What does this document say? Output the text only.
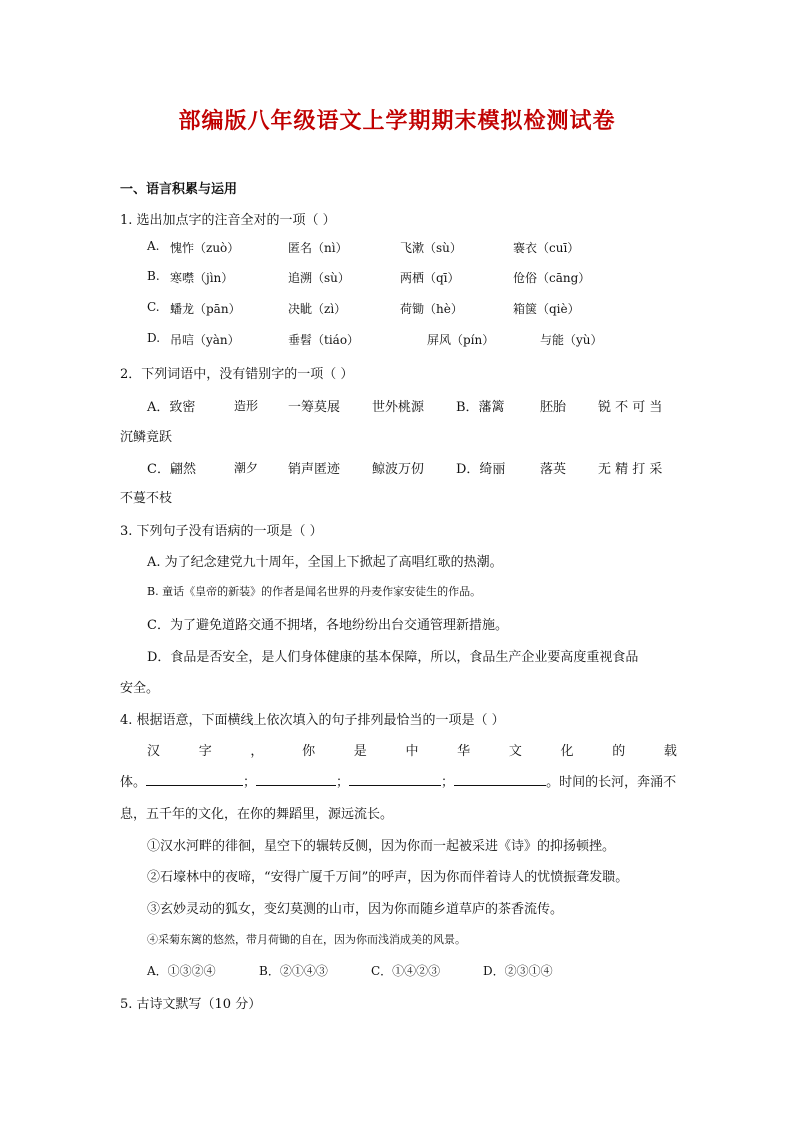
部编版八年级语文上学期期末模拟检测试卷
一、语言积累与运用
1. 选出加点字的注音全对的一项（ ）
A. 愧怍（zuò）	匿名（nì）	飞漱（sù）	褰衣（cuī）
B. 寒噤（jìn）	追溯（sù）	两栖（qī）	伧俗（cāng）
C. 蟠龙（pān）	决眦（zì）	荷锄（hè）	箱箧（qiè）
D. 吊唁（yàn）	垂髫（tiáo）	屏风（pín）	与能（yù）
2．下列词语中，没有错别字的一项（ ）
A．致密	造形 一筹莫展 世外桃源 B．藩篱	胚胎 锐 不 可 当
沉鳞竟跃
C．翩然	潮夕 销声匿迹 鲸波万仞 D．绮丽	落英 无 精 打 采
不蔓不枝
3. 下列句子没有语病的一项是（ ）
A. 为了纪念建党九十周年，全国上下掀起了高唱红歌的热潮。
B. 童话《皇帝的新装》的作者是闻名世界的丹麦作家安徒生的作品。
C．为了避免道路交通不拥堵，各地纷纷出台交通管理新措施。
D．食品是否安全，是人们身体健康的基本保障，所以，食品生产企业要高度重视食品
安全。
4. 根据语意，下面横线上依次填入的句子排列最恰当的一项是（ ）
汉	字	，	你	是	中	华	文	化	的	载
体。	；	；	；	。时间的长河，奔涌不
息，五千年的文化，在你的舞蹈里，源远流长。
①汉水河畔的徘徊，星空下的辗转反侧，因为你而一起被采进《诗》的抑扬顿挫。
②石壕林中的夜啼，“安得广厦千万间”的呼声，因为你而伴着诗人的忧愤振聋发聩。
③玄妙灵动的狐女，变幻莫测的山市，因为你而随乡道草庐的茶香流传。
④采菊东篱的悠然，带月荷锄的自在，因为你而浅消成美的风景。
A．①③②④	B．②①④③	C．①④②③	D．②③①④
5. 古诗文默写（10 分）
